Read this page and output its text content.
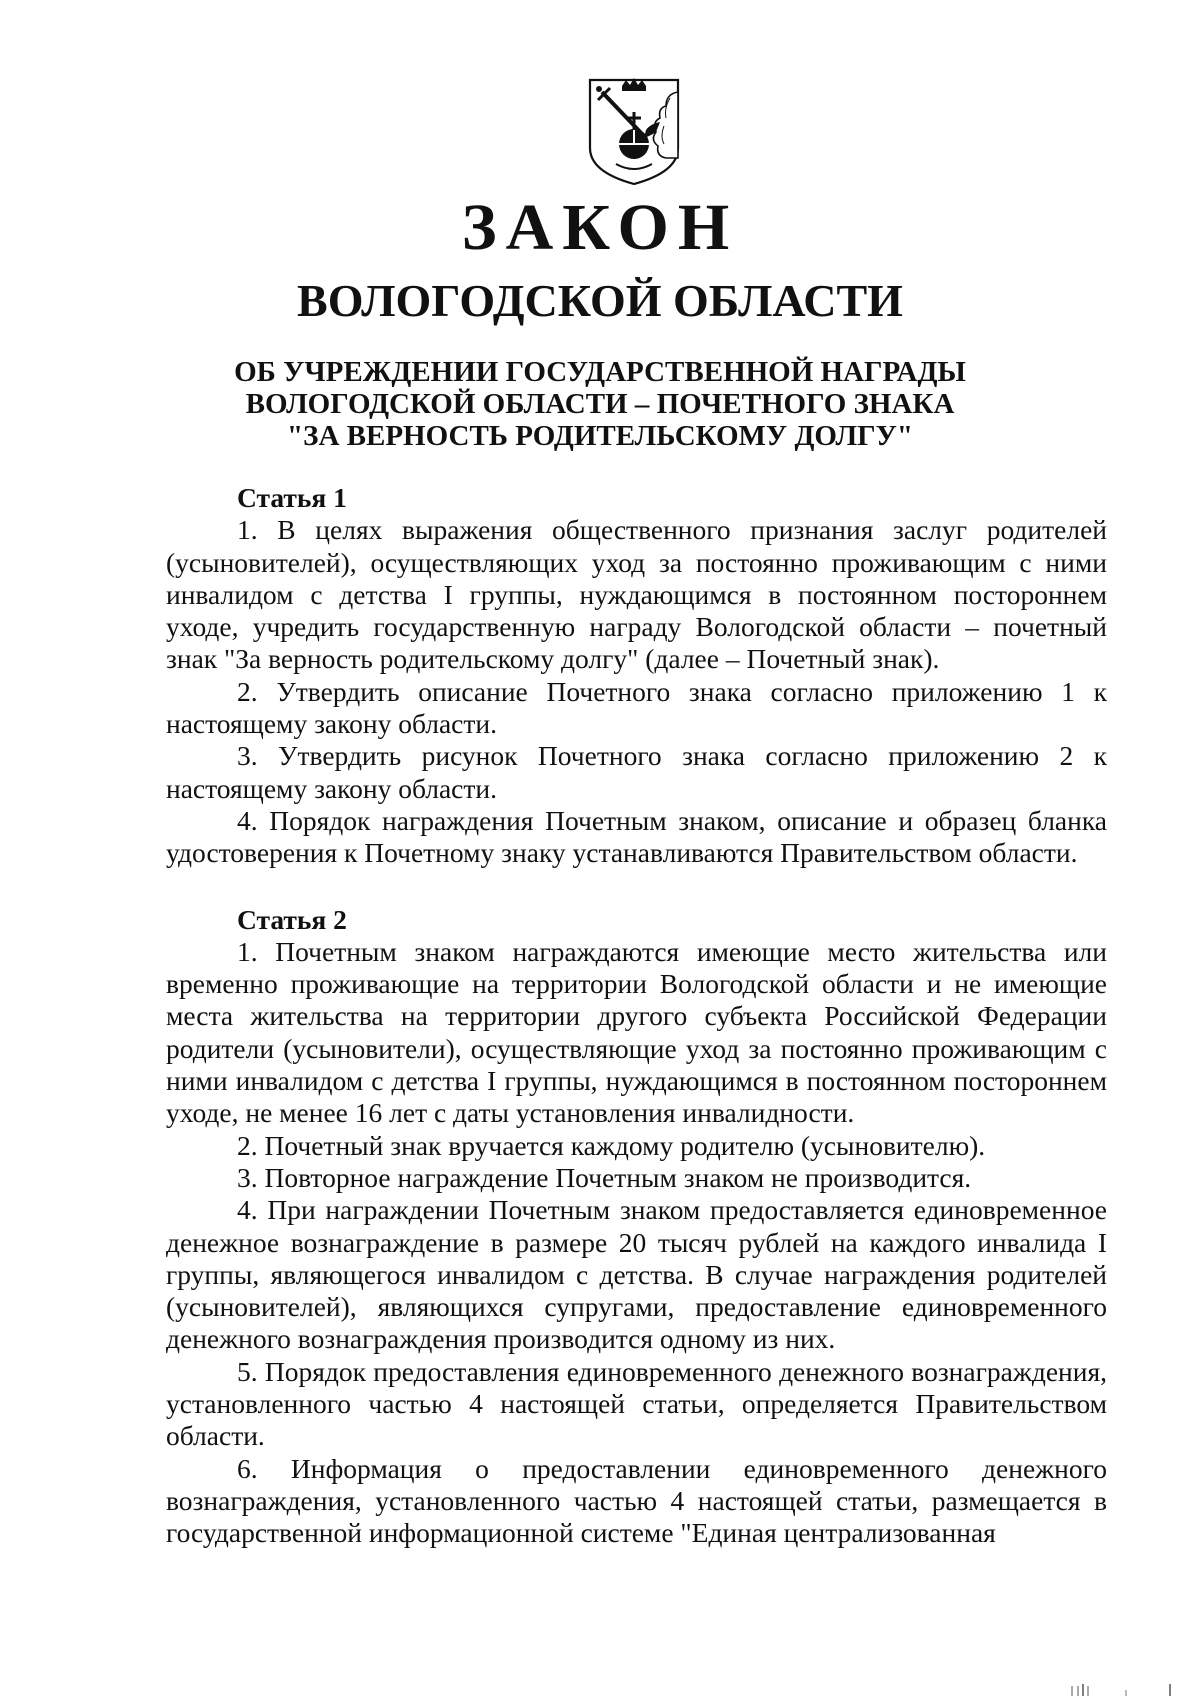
ЗАКОН
ВОЛОГОДСКОЙ ОБЛАСТИ
ОБ УЧРЕЖДЕНИИ ГОСУДАРСТВЕННОЙ НАГРАДЫ
ВОЛОГОДСКОЙ ОБЛАСТИ – ПОЧЕТНОГО ЗНАКА
"ЗА ВЕРНОСТЬ РОДИТЕЛЬСКОМУ ДОЛГУ"

Статья 1

1. В целях выражения общественного признания заслуг родителей (усыновителей), осуществляющих уход за постоянно проживающим с ними инвалидом с детства I группы, нуждающимся в постоянном постороннем уходе, учредить государственную награду Вологодской области – почетный знак "За верность родительскому долгу" (далее – Почетный знак).

2. Утвердить описание Почетного знака согласно приложению 1 к настоящему закону области.

3. Утвердить рисунок Почетного знака согласно приложению 2 к настоящему закону области.

4. Порядок награждения Почетным знаком, описание и образец бланка удостоверения к Почетному знаку устанавливаются Правительством области.

Статья 2

1. Почетным знаком награждаются имеющие место жительства или временно проживающие на территории Вологодской области и не имеющие места жительства на территории другого субъекта Российской Федерации родители (усыновители), осуществляющие уход за постоянно проживающим с ними инвалидом с детства I группы, нуждающимся в постоянном постороннем уходе, не менее 16 лет с даты установления инвалидности.

2. Почетный знак вручается каждому родителю (усыновителю).

3. Повторное награждение Почетным знаком не производится.

4. При награждении Почетным знаком предоставляется единовременное денежное вознаграждение в размере 20 тысяч рублей на каждого инвалида I группы, являющегося инвалидом с детства. В случае награждения родителей (усыновителей), являющихся супругами, предоставление единовременного денежного вознаграждения производится одному из них.

5. Порядок предоставления единовременного денежного вознаграждения, установленного частью 4 настоящей статьи, определяется Правительством области.

6. Информация о предоставлении единовременного денежного вознаграждения, установленного частью 4 настоящей статьи, размещается в государственной информационной системе "Единая централизованная
